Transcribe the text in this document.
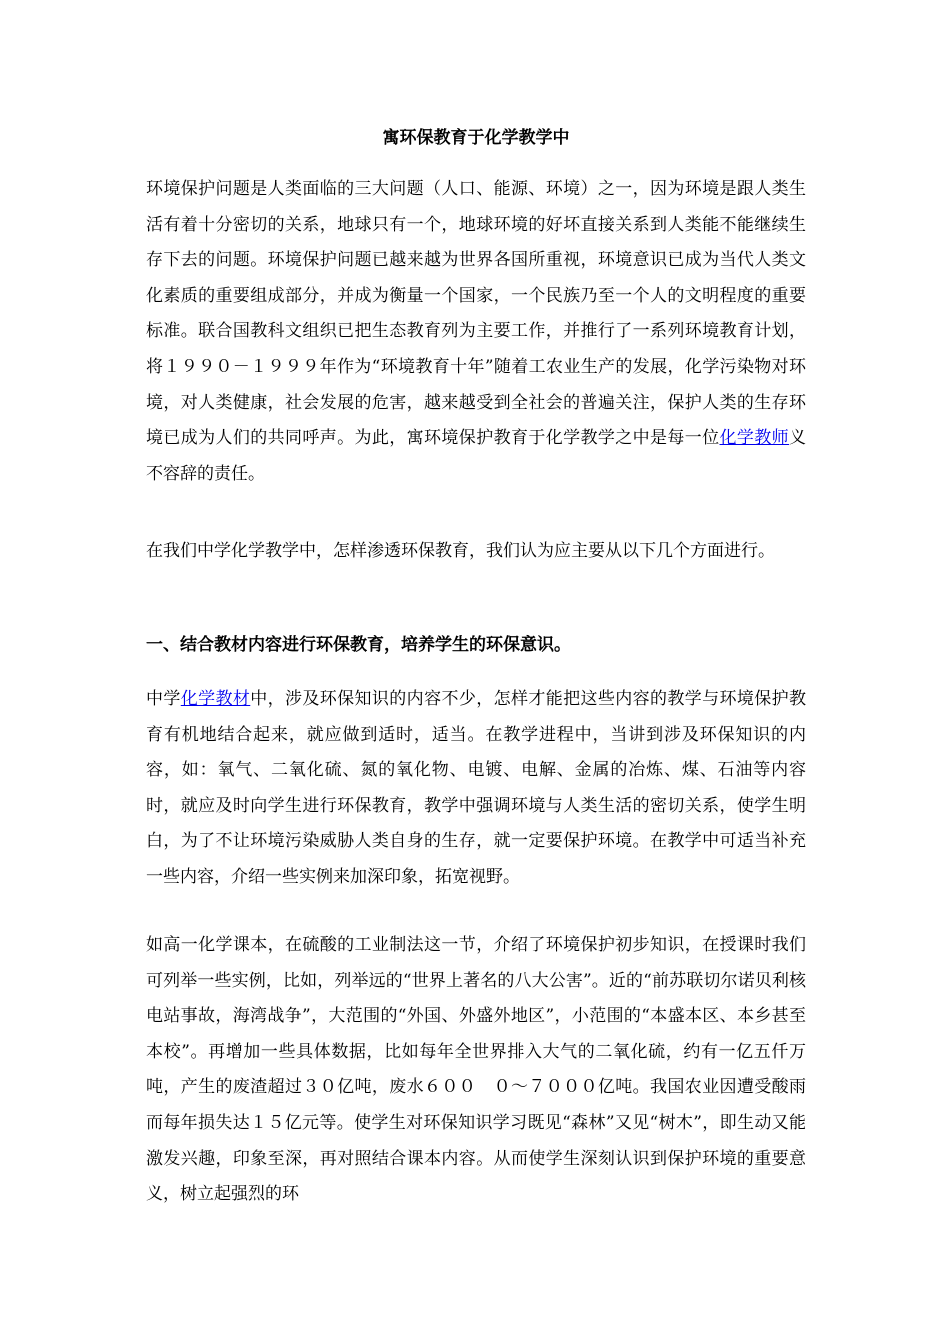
寓环保教育于化学教学中

环境保护问题是人类面临的三大问题（人口、能源、环境）之一，因为环境是跟人类生活有着十分密切的关系，地球只有一个，地球环境的好坏直接关系到人类能不能继续生存下去的问题。环境保护问题已越来越为世界各国所重视，环境意识已成为当代人类文化素质的重要组成部分，并成为衡量一个国家，一个民族乃至一个人的文明程度的重要标准。联合国教科文组织已把生态教育列为主要工作，并推行了一系列环境教育计划，将１９９０－１９９９年作为“环境教育十年”随着工农业生产的发展，化学污染物对环境，对人类健康，社会发展的危害，越来越受到全社会的普遍关注，保护人类的生存环境已成为人们的共同呼声。为此，寓环境保护教育于化学教学之中是每一位化学教师义不容辞的责任。

在我们中学化学教学中，怎样渗透环保教育，我们认为应主要从以下几个方面进行。

一、结合教材内容进行环保教育，培养学生的环保意识。

中学化学教材中，涉及环保知识的内容不少，怎样才能把这些内容的教学与环境保护教育有机地结合起来，就应做到适时，适当。在教学进程中，当讲到涉及环保知识的内容，如：氧气、二氧化硫、氮的氧化物、电镀、电解、金属的冶炼、煤、石油等内容时，就应及时向学生进行环保教育，教学中强调环境与人类生活的密切关系，使学生明白，为了不让环境污染威胁人类自身的生存，就一定要保护环境。在教学中可适当补充一些内容，介绍一些实例来加深印象，拓宽视野。

如高一化学课本，在硫酸的工业制法这一节，介绍了环境保护初步知识，在授课时我们可列举一些实例，比如，列举远的“世界上著名的八大公害”。近的“前苏联切尔诺贝利核电站事故，海湾战争”，大范围的“外国、外盛外地区”，小范围的“本盛本区、本乡甚至本校”。再增加一些具体数据，比如每年全世界排入大气的二氧化硫，约有一亿五仟万吨，产生的废渣超过３０亿吨，废水６００　０～７０００亿吨。我国农业因遭受酸雨而每年损失达１５亿元等。使学生对环保知识学习既见“森林”又见“树木”，即生动又能激发兴趣，印象至深，再对照结合课本内容。从而使学生深刻认识到保护环境的重要意义，树立起强烈的环
